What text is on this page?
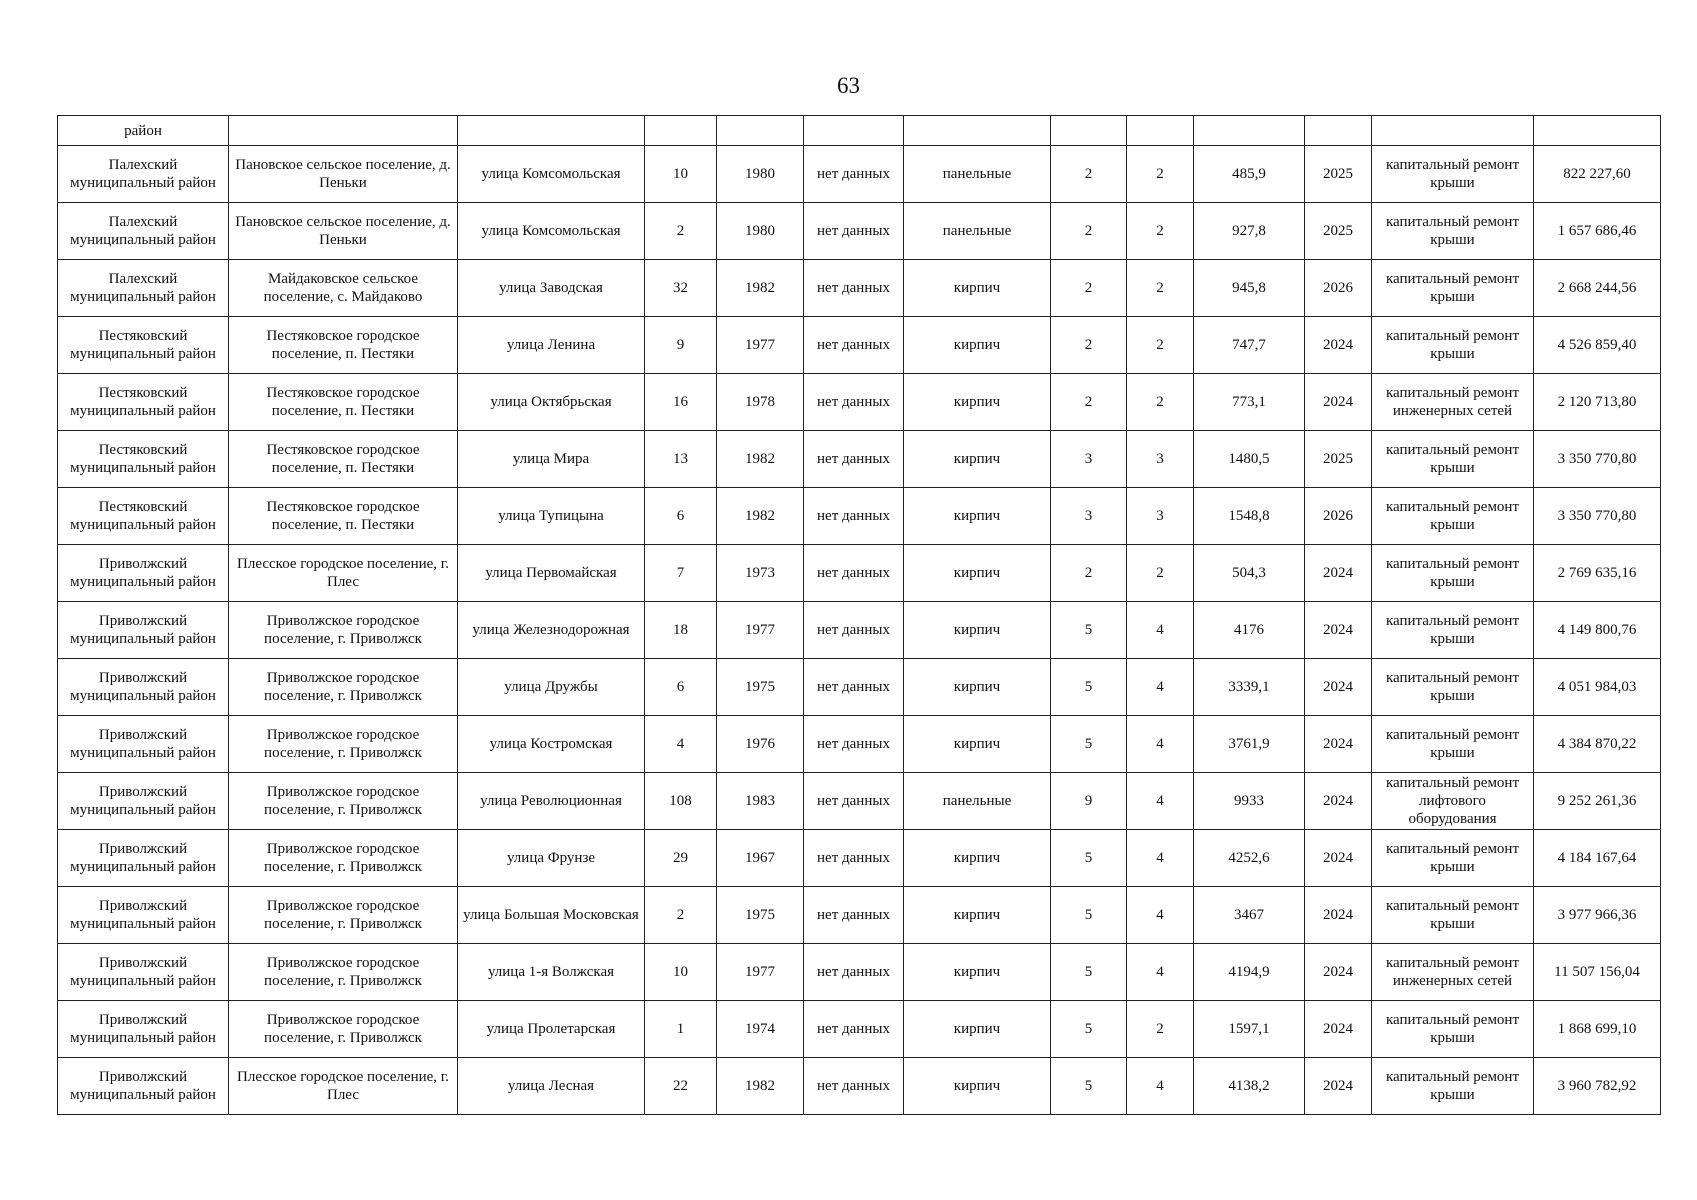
63
район												
Палехский муниципальный район	Пановское сельское поселение, д. Пеньки	улица Комсомольская	10	1980	нет данных	панельные	2	2	485,9	2025	капитальный ремонт крыши	822 227,60
Палехский муниципальный район	Пановское сельское поселение, д. Пеньки	улица Комсомольская	2	1980	нет данных	панельные	2	2	927,8	2025	капитальный ремонт крыши	1 657 686,46
Палехский муниципальный район	Майдаковское сельское поселение, с. Майдаково	улица Заводская	32	1982	нет данных	кирпич	2	2	945,8	2026	капитальный ремонт крыши	2 668 244,56
Пестяковский муниципальный район	Пестяковское городское поселение, п. Пестяки	улица Ленина	9	1977	нет данных	кирпич	2	2	747,7	2024	капитальный ремонт крыши	4 526 859,40
Пестяковский муниципальный район	Пестяковское городское поселение, п. Пестяки	улица Октябрьская	16	1978	нет данных	кирпич	2	2	773,1	2024	капитальный ремонт инженерных сетей	2 120 713,80
Пестяковский муниципальный район	Пестяковское городское поселение, п. Пестяки	улица Мира	13	1982	нет данных	кирпич	3	3	1480,5	2025	капитальный ремонт крыши	3 350 770,80
Пестяковский муниципальный район	Пестяковское городское поселение, п. Пестяки	улица Тупицына	6	1982	нет данных	кирпич	3	3	1548,8	2026	капитальный ремонт крыши	3 350 770,80
Приволжский муниципальный район	Плесское городское поселение, г. Плес	улица Первомайская	7	1973	нет данных	кирпич	2	2	504,3	2024	капитальный ремонт крыши	2 769 635,16
Приволжский муниципальный район	Приволжское городское поселение, г. Приволжск	улица Железнодорожная	18	1977	нет данных	кирпич	5	4	4176	2024	капитальный ремонт крыши	4 149 800,76
Приволжский муниципальный район	Приволжское городское поселение, г. Приволжск	улица Дружбы	6	1975	нет данных	кирпич	5	4	3339,1	2024	капитальный ремонт крыши	4 051 984,03
Приволжский муниципальный район	Приволжское городское поселение, г. Приволжск	улица Костромская	4	1976	нет данных	кирпич	5	4	3761,9	2024	капитальный ремонт крыши	4 384 870,22
Приволжский муниципальный район	Приволжское городское поселение, г. Приволжск	улица Революционная	108	1983	нет данных	панельные	9	4	9933	2024	капитальный ремонт лифтового оборудования	9 252 261,36
Приволжский муниципальный район	Приволжское городское поселение, г. Приволжск	улица Фрунзе	29	1967	нет данных	кирпич	5	4	4252,6	2024	капитальный ремонт крыши	4 184 167,64
Приволжский муниципальный район	Приволжское городское поселение, г. Приволжск	улица Большая Московская	2	1975	нет данных	кирпич	5	4	3467	2024	капитальный ремонт крыши	3 977 966,36
Приволжский муниципальный район	Приволжское городское поселение, г. Приволжск	улица 1-я Волжская	10	1977	нет данных	кирпич	5	4	4194,9	2024	капитальный ремонт инженерных сетей	11 507 156,04
Приволжский муниципальный район	Приволжское городское поселение, г. Приволжск	улица Пролетарская	1	1974	нет данных	кирпич	5	2	1597,1	2024	капитальный ремонт крыши	1 868 699,10
Приволжский муниципальный район	Плесское городское поселение, г. Плес	улица Лесная	22	1982	нет данных	кирпич	5	4	4138,2	2024	капитальный ремонт крыши	3 960 782,92
